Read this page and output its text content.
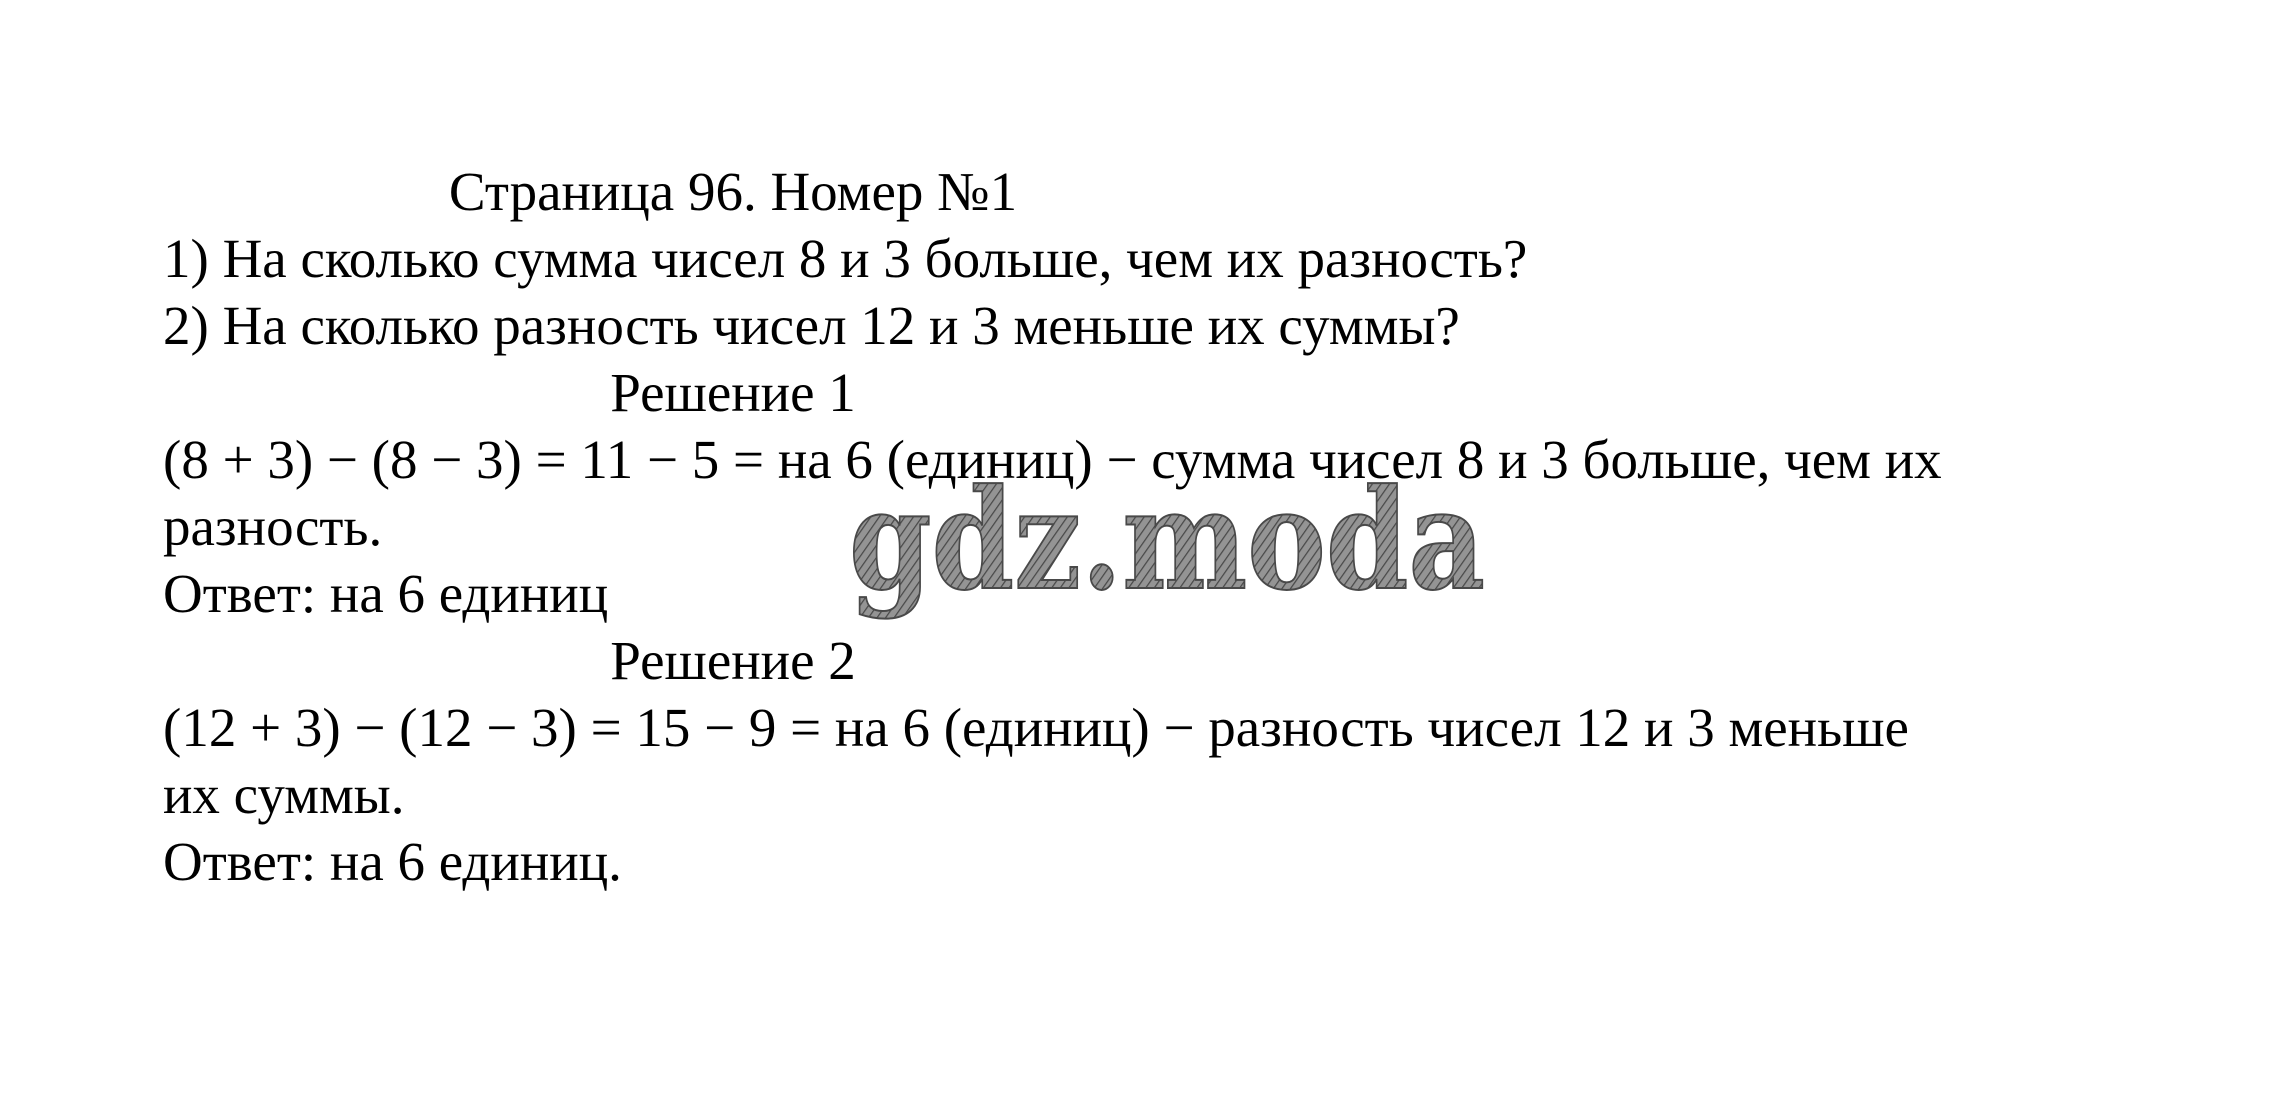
Страница 96. Номер №1

1) На сколько сумма чисел 8 и 3 больше, чем их разность?

2) На сколько разность чисел 12 и 3 меньше их суммы?

Решение 1

(8 + 3) − (8 − 3) = 11 − 5 = на 6 (единиц) − сумма чисел 8 и 3 больше, чем их

разность.

Ответ: на 6 единиц

Решение 2

(12 + 3) − (12 − 3) = 15 − 9 = на 6 (единиц) − разность чисел 12 и 3 меньше

их суммы.

Ответ: на 6 единиц.

gdz.moda
